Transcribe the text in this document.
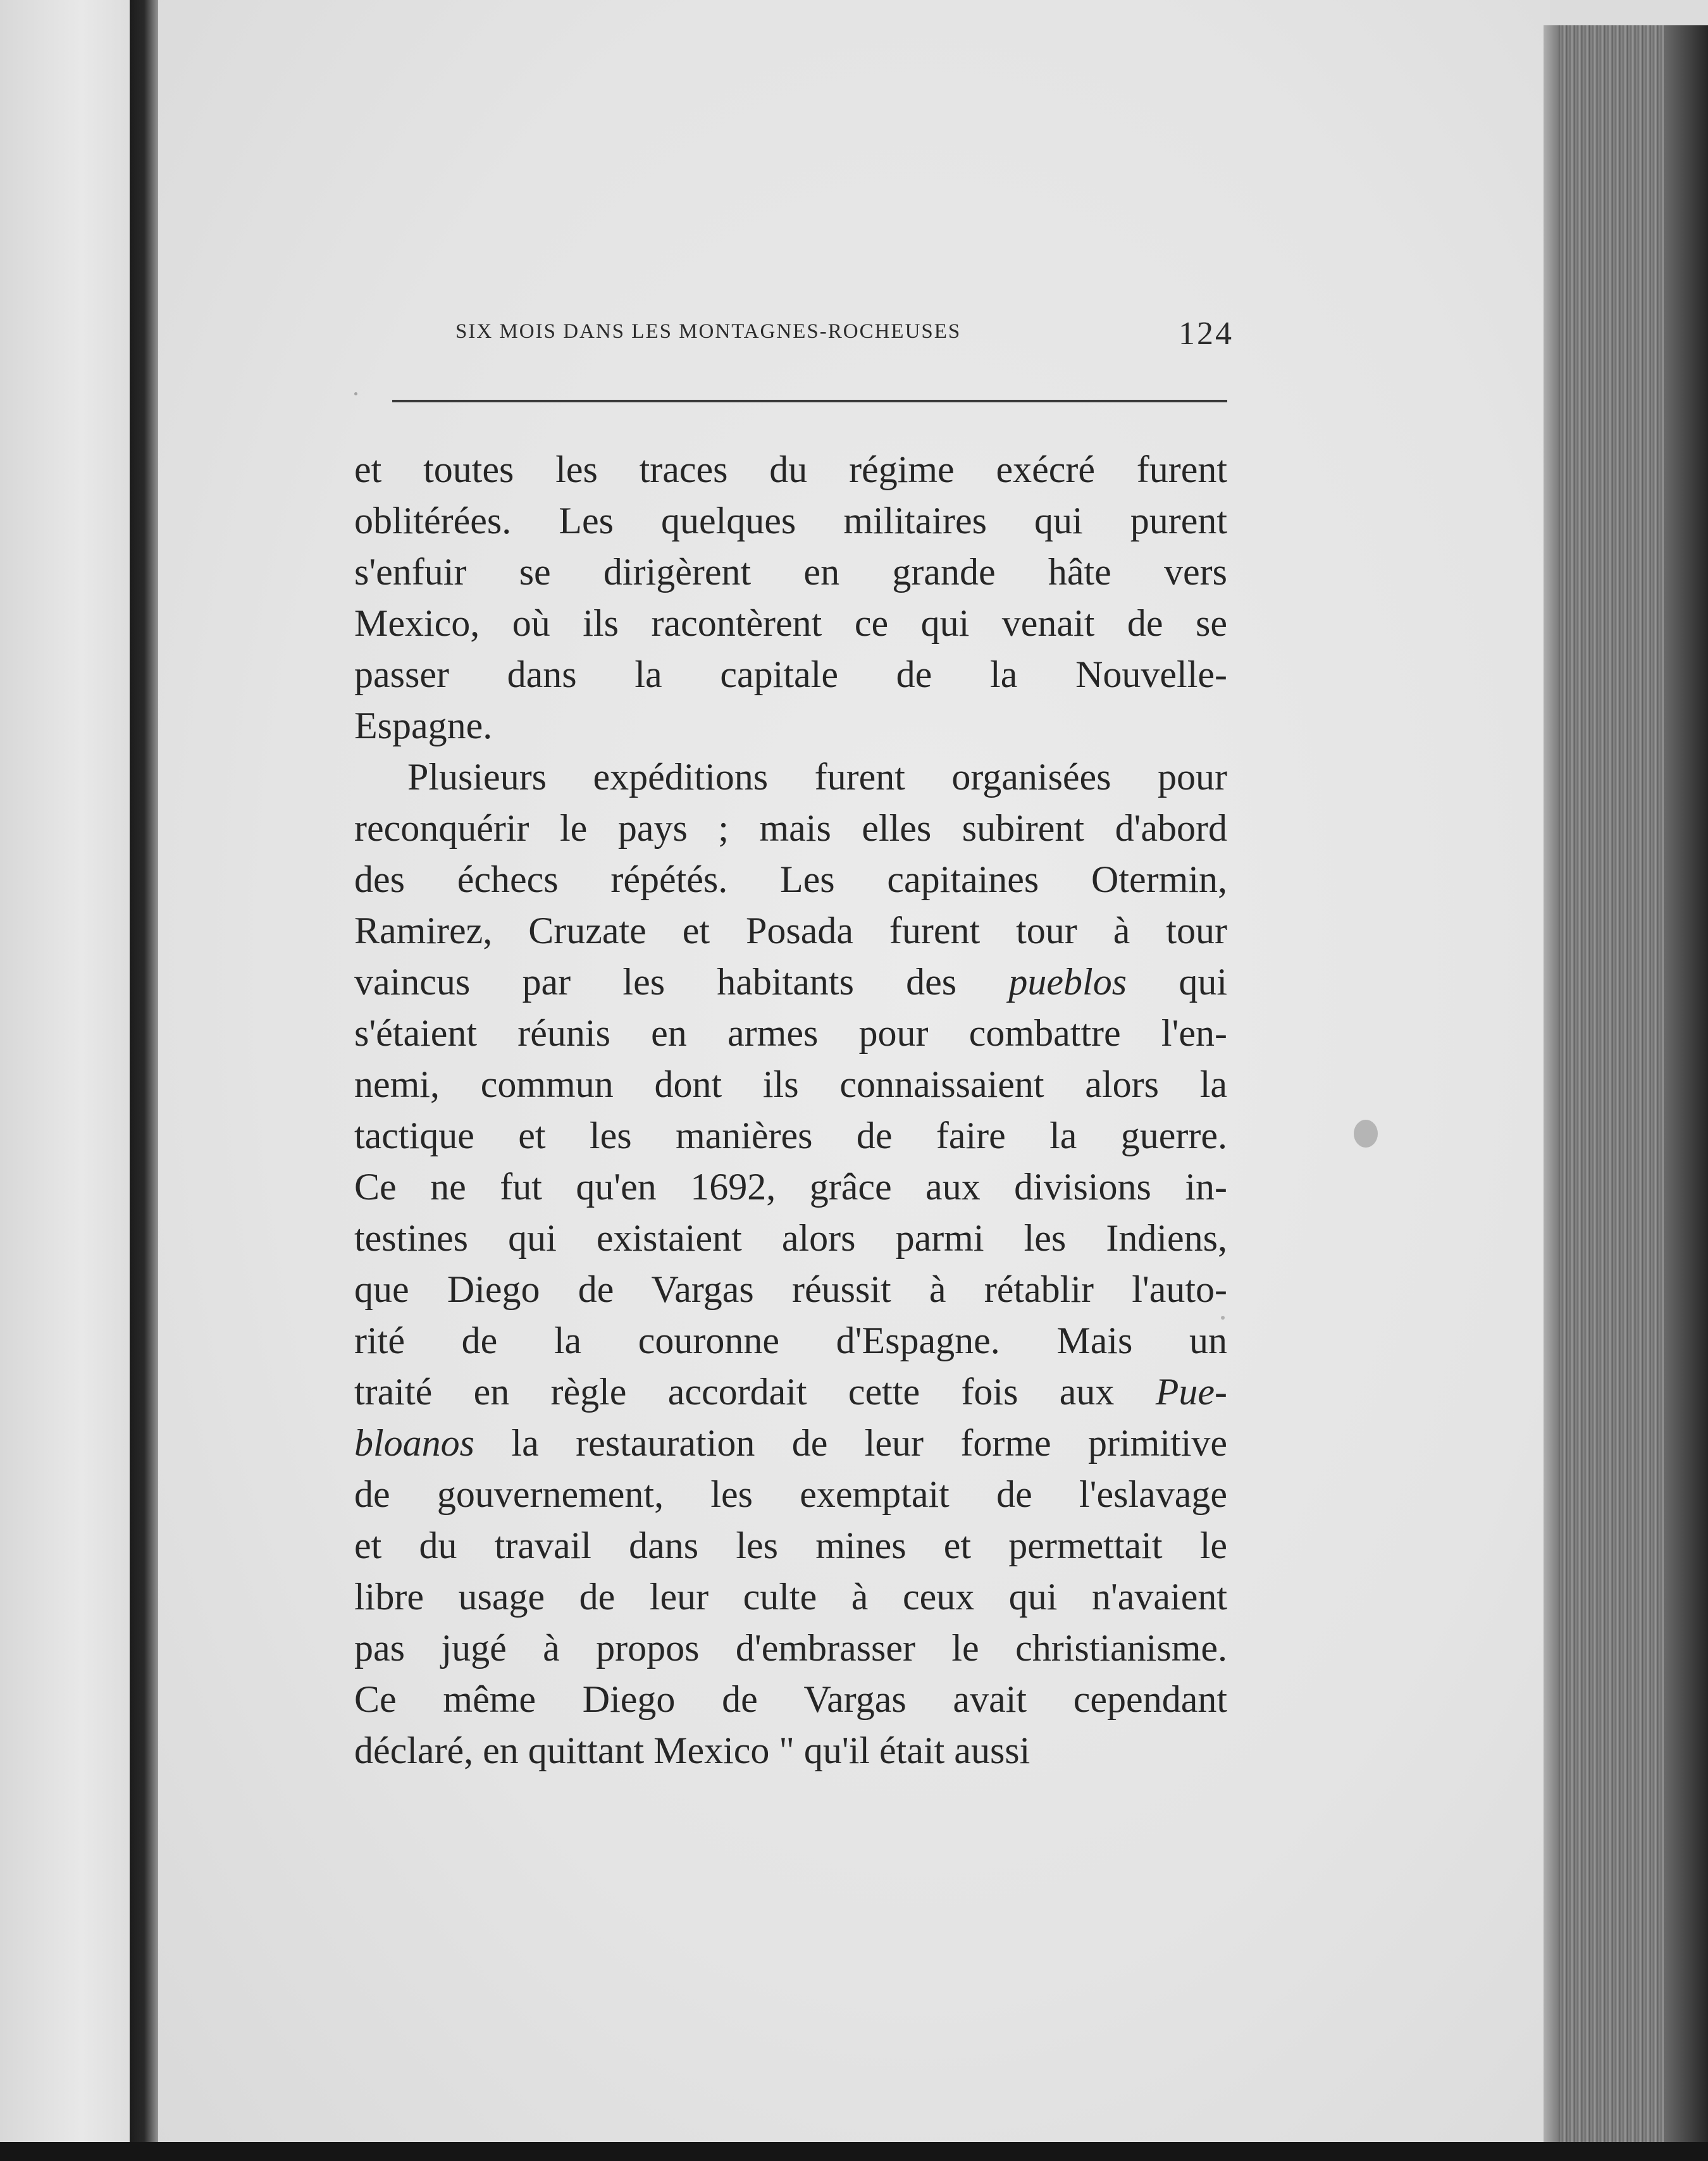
SIX MOIS DANS LES MONTAGNES-ROCHEUSES	124
et toutes les traces du régime exécré furent
oblitérées. Les quelques militaires qui purent
s'enfuir se dirigèrent en grande hâte vers
Mexico, où ils racontèrent ce qui venait de se
passer dans la capitale de la Nouvelle-
Espagne.
Plusieurs expéditions furent organisées pour
reconquérir le pays ; mais elles subirent d'abord
des échecs répétés. Les capitaines Otermin,
Ramirez, Cruzate et Posada furent tour à tour
vaincus par les habitants des pueblos qui
s'étaient réunis en armes pour combattre l'en-
nemi, commun dont ils connaissaient alors la
tactique et les manières de faire la guerre.
Ce ne fut qu'en 1692, grâce aux divisions in-
testines qui existaient alors parmi les Indiens,
que Diego de Vargas réussit à rétablir l'auto-
rité de la couronne d'Espagne. Mais un
traité en règle accordait cette fois aux Pue-
bloanos la restauration de leur forme primitive
de gouvernement, les exemptait de l'eslavage
et du travail dans les mines et permettait le
libre usage de leur culte à ceux qui n'avaient
pas jugé à propos d'embrasser le christianisme.
Ce même Diego de Vargas avait cependant
déclaré, en quittant Mexico " qu'il était aussi
